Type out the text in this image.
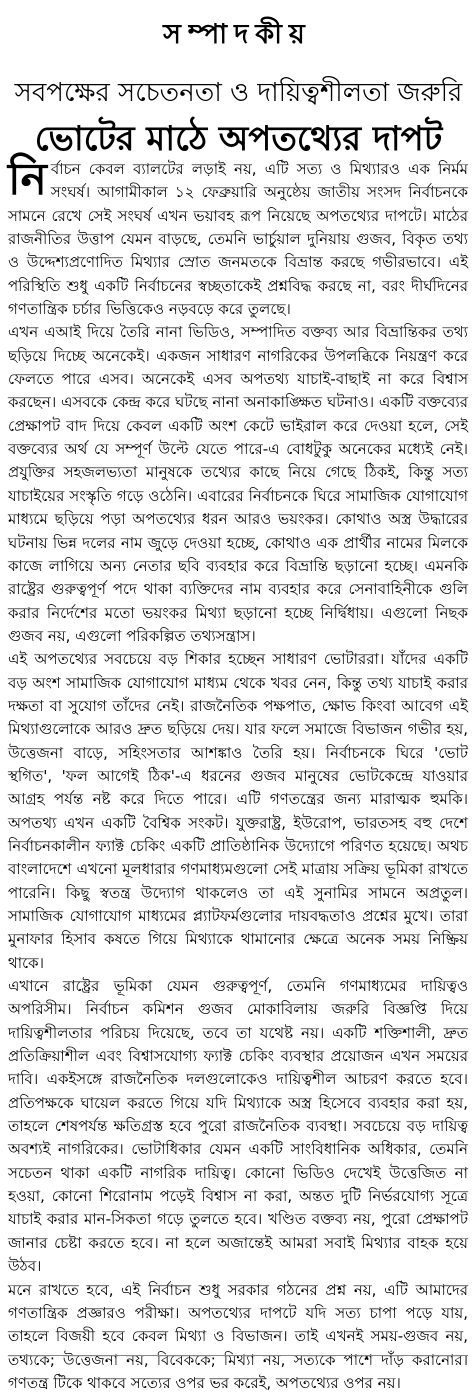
সম্পাদকীয়
সবপক্ষের সচেতনতা ও দায়িত্বশীলতা জরুরি
ভোটের মাঠে অপতথ্যের দাপট

নির্বাচন কেবল ব্যালটের লড়াই নয়, এটি সত্য ও মিথ্যারও এক নির্মম সংঘর্ষ। আগামীকাল ১২ ফেব্রুয়ারি অনুষ্ঠেয় জাতীয় সংসদ নির্বাচনকে সামনে রেখে সেই সংঘর্ষ এখন ভয়াবহ রূপ নিয়েছে অপতথ্যের দাপটে। মাঠের রাজনীতির উত্তাপ যেমন বাড়ছে, তেমনি ভার্চুয়াল দুনিয়ায় গুজব, বিকৃত তথ্য ও উদ্দেশ্যপ্রণোদিত মিথ্যার স্রোত জনমতকে বিভ্রান্ত করছে গভীরভাবে। এই পরিস্থিতি শুধু একটি নির্বাচনের স্বচ্ছতাকেই প্রশ্নবিদ্ধ করছে না, বরং দীর্ঘদিনের গণতান্ত্রিক চর্চার ভিত্তিকেও নড়বড়ে করে তুলছে।

এখন এআই দিয়ে তৈরি নানা ভিডিও, সম্পাদিত বক্তব্য আর বিভ্রান্তিকর তথ্য ছড়িয়ে দিচ্ছে অনেকেই। একজন সাধারণ নাগরিকের উপলব্ধিকে নিয়ন্ত্রণ করে ফেলতে পারে এসব। অনেকেই এসব অপতথ্য যাচাই-বাছাই না করে বিশ্বাস করছেন। এসবকে কেন্দ্র করে ঘটছে নানা অনাকাঙ্ক্ষিত ঘটনাও। একটি বক্তব্যের প্রেক্ষাপট বাদ দিয়ে কেবল একটি অংশ কেটে ভাইরাল করে দেওয়া হলে, সেই বক্তব্যের অর্থ যে সম্পূর্ণ উল্টে যেতে পারে-এ বোধটুকু অনেকের মধ্যেই নেই। প্রযুক্তির সহজলভ্যতা মানুষকে তথ্যের কাছে নিয়ে গেছে ঠিকই, কিন্তু সত্য যাচাইয়ের সংস্কৃতি গড়ে ওঠেনি। এবারের নির্বাচনকে ঘিরে সামাজিক যোগাযোগ মাধ্যমে ছড়িয়ে পড়া অপতথ্যের ধরন আরও ভয়ংকর। কোথাও অস্ত্র উদ্ধারের ঘটনায় ভিন্ন দলের নাম জুড়ে দেওয়া হচ্ছে, কোথাও এক প্রার্থীর নামের মিলকে কাজে লাগিয়ে অন্য নেতার ছবি ব্যবহার করে বিভ্রান্তি ছড়ানো হচ্ছে। এমনকি রাষ্ট্রের গুরুত্বপূর্ণ পদে থাকা ব্যক্তিদের নাম ব্যবহার করে সেনাবাহিনীকে গুলি করার নির্দেশের মতো ভয়ংকর মিথ্যা ছড়ানো হচ্ছে নির্দ্বিধায়। এগুলো নিছক গুজব নয়, এগুলো পরিকল্পিত তথ্যসন্ত্রাস।

এই অপতথ্যের সবচেয়ে বড় শিকার হচ্ছেন সাধারণ ভোটাররা। যাঁদের একটি বড় অংশ সামাজিক যোগাযোগ মাধ্যম থেকে খবর নেন, কিন্তু তথ্য যাচাই করার দক্ষতা বা সুযোগ তাঁদের নেই। রাজনৈতিক পক্ষপাত, ক্ষোভ কিংবা আবেগ এই মিথ্যাগুলোকে আরও দ্রুত ছড়িয়ে দেয়। যার ফলে সমাজে বিভাজন গভীর হয়, উত্তেজনা বাড়ে, সহিংসতার আশঙ্কাও তৈরি হয়। নির্বাচনকে ঘিরে 'ভোট স্থগিত', 'ফল আগেই ঠিক'-এ ধরনের গুজব মানুষের ভোটকেন্দ্রে যাওয়ার আগ্রহ পর্যন্ত নষ্ট করে দিতে পারে। এটি গণতন্ত্রের জন্য মারাত্মক হুমকি। অপতথ্য এখন একটি বৈশ্বিক সংকট। যুক্তরাষ্ট্র, ইউরোপ, ভারতসহ বহু দেশে নির্বাচনকালীন ফ্যাক্ট চেকিং একটি প্রাতিষ্ঠানিক উদ্যোগে পরিণত হয়েছে। অথচ বাংলাদেশে এখনো মূলধারার গণমাধ্যমগুলো সেই মাত্রায় সক্রিয় ভূমিকা রাখতে পারেনি। কিছু স্বতন্ত্র উদ্যোগ থাকলেও তা এই সুনামির সামনে অপ্রতুল। সামাজিক যোগাযোগ মাধ্যমের প্ল্যাটফর্মগুলোর দায়বদ্ধতাও প্রশ্নের মুখে। তারা মুনাফার হিসাব কষতে গিয়ে মিথ্যাকে থামানোর ক্ষেত্রে অনেক সময় নিষ্ক্রিয় থাকে।

এখানে রাষ্ট্রের ভূমিকা যেমন গুরুত্বপূর্ণ, তেমনি গণমাধ্যমের দায়িত্বও অপরিসীম। নির্বাচন কমিশন গুজব মোকাবিলায় জরুরি বিজ্ঞপ্তি দিয়ে দায়িত্বশীলতার পরিচয় দিয়েছে, তবে তা যথেষ্ট নয়। একটি শক্তিশালী, দ্রুত প্রতিক্রিয়াশীল এবং বিশ্বাসযোগ্য ফ্যাক্ট চেকিং ব্যবস্থার প্রয়োজন এখন সময়ের দাবি। একইসঙ্গে রাজনৈতিক দলগুলোকেও দায়িত্বশীল আচরণ করতে হবে। প্রতিপক্ষকে ঘায়েল করতে গিয়ে যদি মিথ্যাকে অস্ত্র হিসেবে ব্যবহার করা হয়, তাহলে শেষপর্যন্ত ক্ষতিগ্রস্ত হবে পুরো রাজনৈতিক ব্যবস্থা। সবচেয়ে বড় দায়িত্ব অবশ্যই নাগরিকের। ভোটাধিকার যেমন একটি সাংবিধানিক অধিকার, তেমনি সচেতন থাকা একটি নাগরিক দায়িত্ব। কোনো ভিডিও দেখেই উত্তেজিত না হওয়া, কোনো শিরোনাম পড়েই বিশ্বাস না করা, অন্তত দুটি নির্ভরযোগ্য সূত্রে যাচাই করার মান-সিকতা গড়ে তুলতে হবে। খণ্ডিত বক্তব্য নয়, পুরো প্রেক্ষাপট জানার চেষ্টা করতে হবে। না হলে অজান্তেই আমরা সবাই মিথ্যার বাহক হয়ে উঠব।

মনে রাখতে হবে, এই নির্বাচন শুধু সরকার গঠনের প্রশ্ন নয়, এটি আমাদের গণতান্ত্রিক প্রজ্ঞারও পরীক্ষা। অপতথ্যের দাপটে যদি সত্য চাপা পড়ে যায়, তাহলে বিজয়ী হবে কেবল মিথ্যা ও বিভাজন। তাই এখনই সময়-গুজব নয়, তথ্যকে; উত্তেজনা নয়, বিবেককে; মিথ্যা নয়, সত্যকে পাশে দাঁড় করানোর। গণতন্ত্র টিকে থাকবে সত্যের ওপর ভর করেই, অপতথ্যের ওপর নয়।
